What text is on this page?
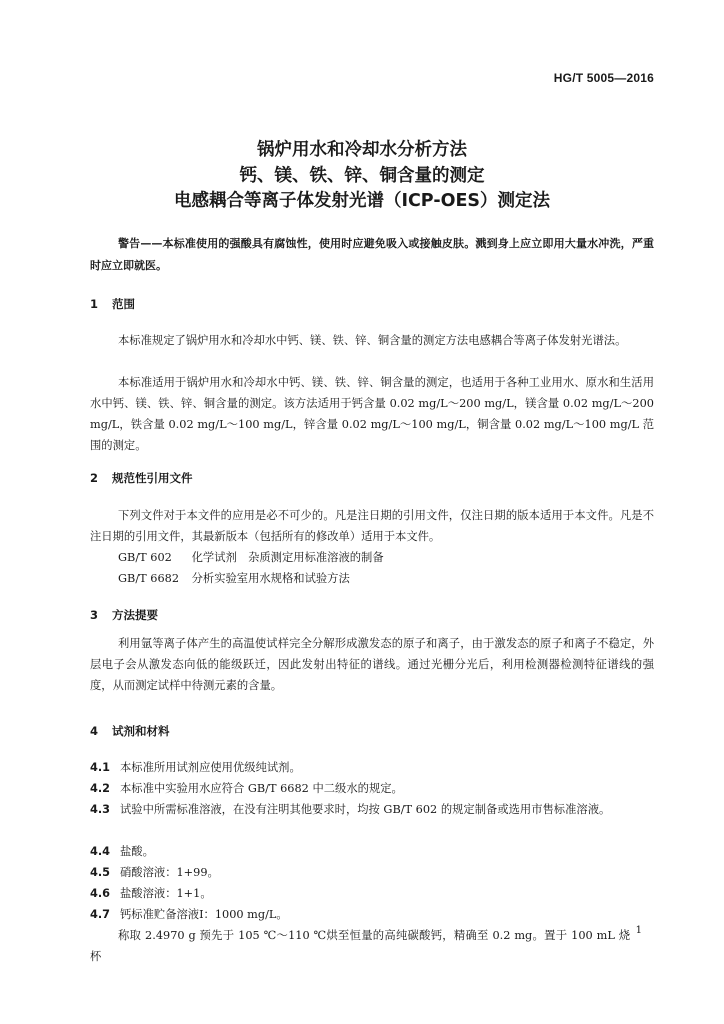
HG/T 5005—2016
锅炉用水和冷却水分析方法
钙、镁、铁、锌、铜含量的测定
电感耦合等离子体发射光谱（ICP-OES）测定法

警告——本标准使用的强酸具有腐蚀性，使用时应避免吸入或接触皮肤。溅到身上应立即用大量水冲洗，严重时应立即就医。

1 范围

本标准规定了锅炉用水和冷却水中钙、镁、铁、锌、铜含量的测定方法电感耦合等离子体发射光谱法。

本标准适用于锅炉用水和冷却水中钙、镁、铁、锌、铜含量的测定，也适用于各种工业用水、原水和生活用水中钙、镁、铁、锌、铜含量的测定。该方法适用于钙含量 0.02 mg/L～200 mg/L，镁含量 0.02 mg/L～200 mg/L，铁含量 0.02 mg/L～100 mg/L，锌含量 0.02 mg/L～100 mg/L，铜含量 0.02 mg/L～100 mg/L 范围的测定。

2 规范性引用文件

下列文件对于本文件的应用是必不可少的。凡是注日期的引用文件，仅注日期的版本适用于本文件。凡是不注日期的引用文件，其最新版本（包括所有的修改单）适用于本文件。

GB/T 602 化学试剂　杂质测定用标准溶液的制备
GB/T 6682 分析实验室用水规格和试验方法
3 方法提要

利用氩等离子体产生的高温使试样完全分解形成激发态的原子和离子，由于激发态的原子和离子不稳定，外层电子会从激发态向低的能级跃迁，因此发射出特征的谱线。通过光栅分光后，利用检测器检测特征谱线的强度，从而测定试样中待测元素的含量。

4 试剂和材料
4.1 本标准所用试剂应使用优级纯试剂。
4.2 本标准中实验用水应符合 GB/T 6682 中二级水的规定。
4.3 试验中所需标准溶液，在没有注明其他要求时，均按 GB/T 602 的规定制备或选用市售标准溶液。
4.4 盐酸。
4.5 硝酸溶液：1+99。
4.6 盐酸溶液：1+1。
4.7 钙标准贮备溶液Ⅰ：1000 mg/L。

称取 2.4970 g 预先于 105 ℃～110 ℃烘至恒量的高纯碳酸钙，精确至 0.2 mg。置于 100 mL 烧杯

1
